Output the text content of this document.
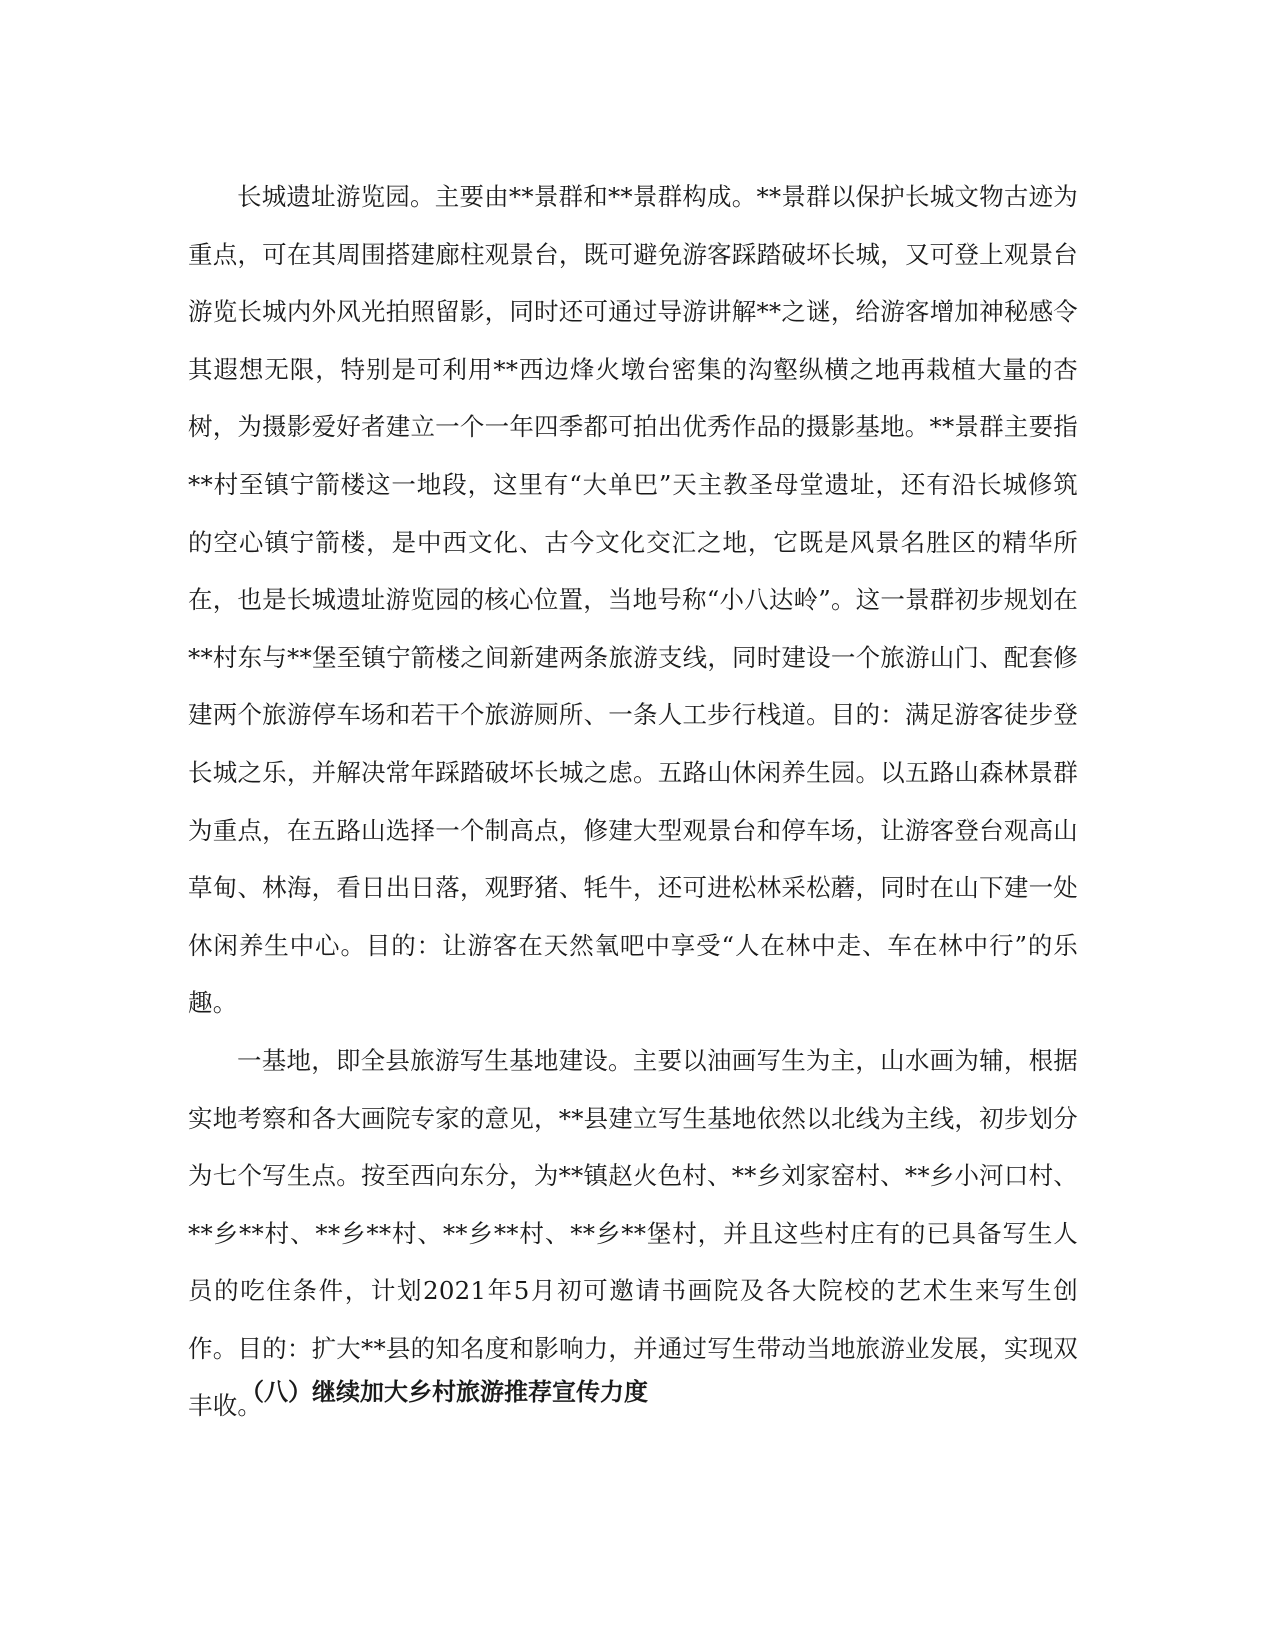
长城遗址游览园。主要由**景群和**景群构成。**景群以保护长城文物古迹为重点，可在其周围搭建廊柱观景台，既可避免游客踩踏破坏长城，又可登上观景台游览长城内外风光拍照留影，同时还可通过导游讲解**之谜，给游客增加神秘感令其遐想无限，特别是可利用**西边烽火墩台密集的沟壑纵横之地再栽植大量的杏树，为摄影爱好者建立一个一年四季都可拍出优秀作品的摄影基地。**景群主要指**村至镇宁箭楼这一地段，这里有“大单巴”天主教圣母堂遗址，还有沿长城修筑的空心镇宁箭楼，是中西文化、古今文化交汇之地，它既是风景名胜区的精华所在，也是长城遗址游览园的核心位置，当地号称“小八达岭”。这一景群初步规划在**村东与**堡至镇宁箭楼之间新建两条旅游支线，同时建设一个旅游山门、配套修建两个旅游停车场和若干个旅游厕所、一条人工步行栈道。目的：满足游客徒步登长城之乐，并解决常年踩踏破坏长城之虑。五路山休闲养生园。以五路山森林景群为重点，在五路山选择一个制高点，修建大型观景台和停车场，让游客登台观高山草甸、林海，看日出日落，观野猪、牦牛，还可进松林采松蘑，同时在山下建一处休闲养生中心。目的：让游客在天然氧吧中享受“人在林中走、车在林中行”的乐趣。

一基地，即全县旅游写生基地建设。主要以油画写生为主，山水画为辅，根据实地考察和各大画院专家的意见，**县建立写生基地依然以北线为主线，初步划分为七个写生点。按至西向东分，为**镇赵火色村、**乡刘家窑村、**乡小河口村、**乡**村、**乡**村、**乡**村、**乡**堡村，并且这些村庄有的已具备写生人员的吃住条件，计划2021年5月初可邀请书画院及各大院校的艺术生来写生创作。目的：扩大**县的知名度和影响力，并通过写生带动当地旅游业发展，实现双丰收。

（八）继续加大乡村旅游推荐宣传力度
